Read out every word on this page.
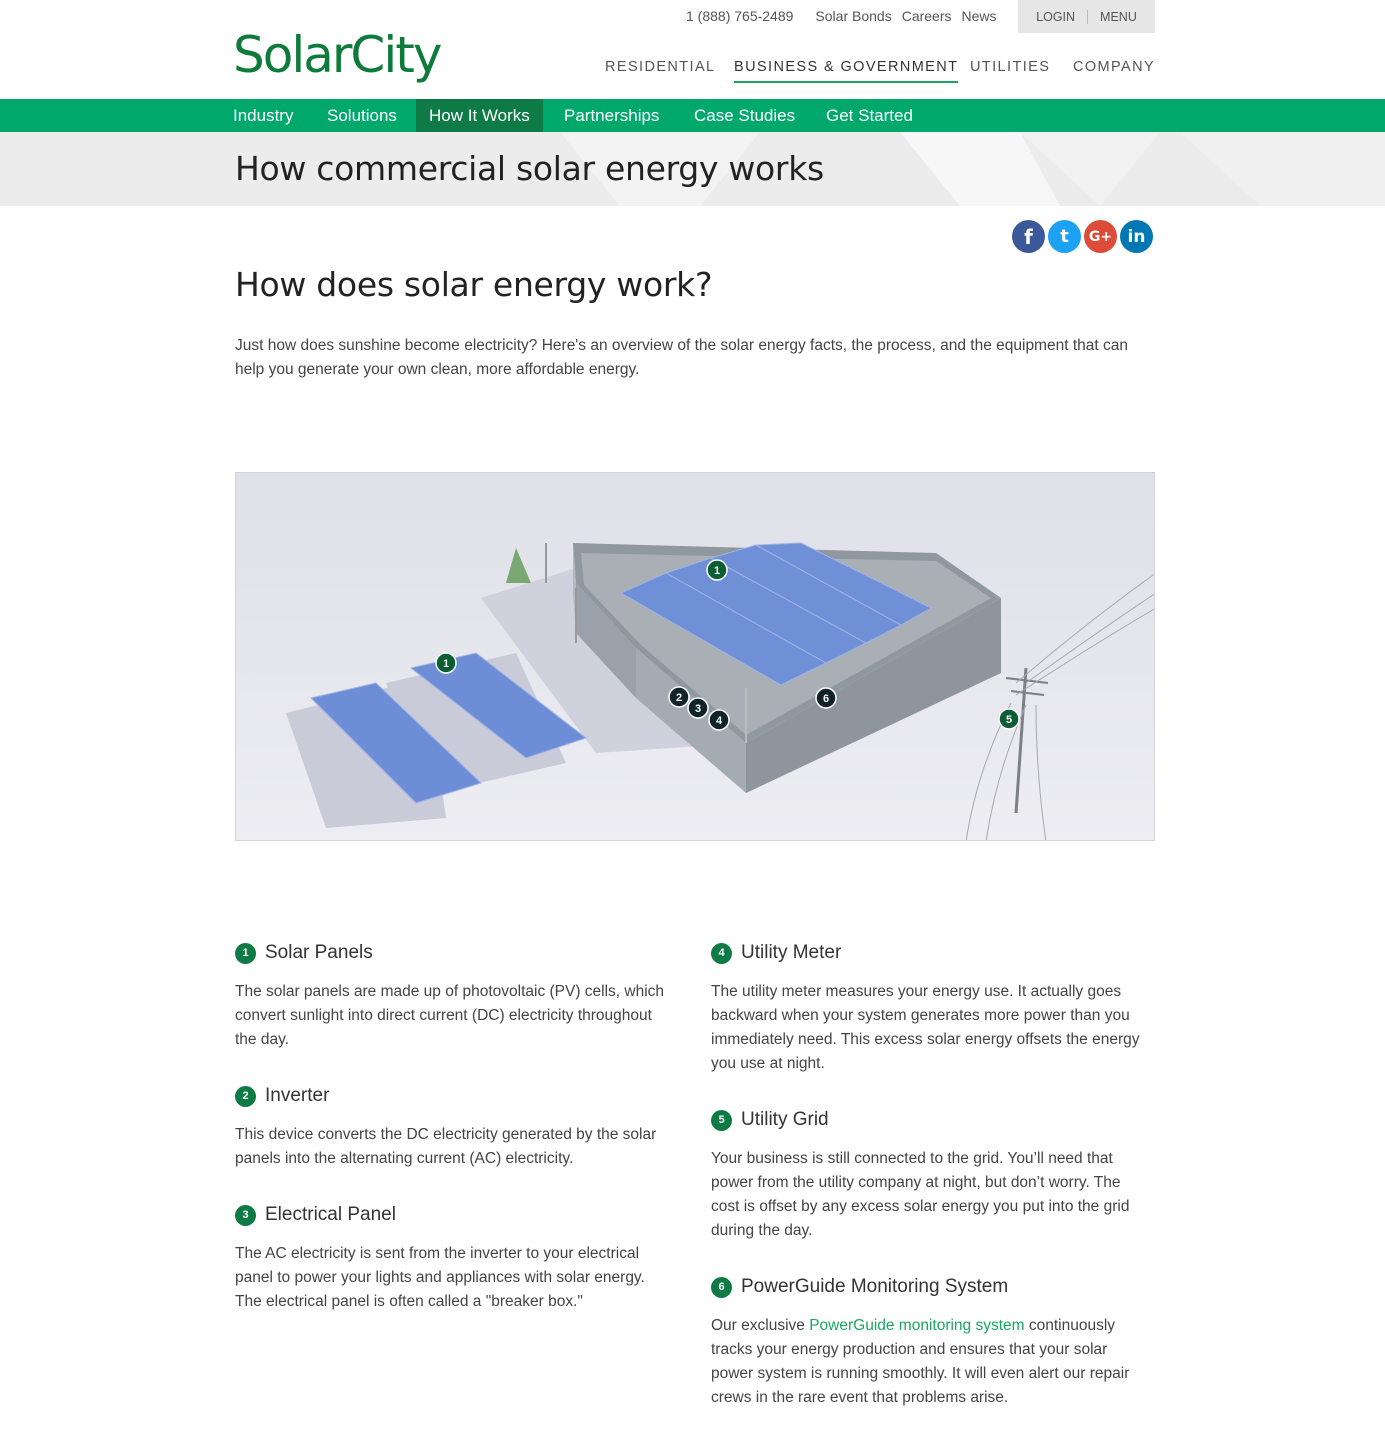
SolarCity
1 (888) 765-2489 Solar Bonds Careers News	LOGIN MENU
RESIDENTIAL BUSINESS & GOVERNMENT UTILITIES COMPANY
Industry Solutions	How It Works	Partnerships Case Studies Get Started
How commercial solar energy works
f	t	G+ in
How does solar energy work?

Just how does sunshine become electricity? Here's an overview of the solar energy facts, the process, and the equipment that can help you generate your own clean, more affordable energy.

1
1
2
3
4	5
6
1 Solar Panels

The solar panels are made up of photovoltaic (PV) cells, which convert sunlight into direct current (DC) electricity throughout the day.

2 Inverter

This device converts the DC electricity generated by the solar panels into the alternating current (AC) electricity.

3 Electrical Panel

The AC electricity is sent from the inverter to your electrical panel to power your lights and appliances with solar energy. The electrical panel is often called a "breaker box."

4 Utility Meter

The utility meter measures your energy use. It actually goes backward when your system generates more power than you immediately need. This excess solar energy offsets the energy you use at night.

5 Utility Grid

Your business is still connected to the grid. You’ll need that power from the utility company at night, but don’t worry. The cost is offset by any excess solar energy you put into the grid during the day.

6 PowerGuide Monitoring System

Our exclusive PowerGuide monitoring system continuously tracks your energy production and ensures that your solar power system is running smoothly. It will even alert our repair crews in the rare event that problems arise.
